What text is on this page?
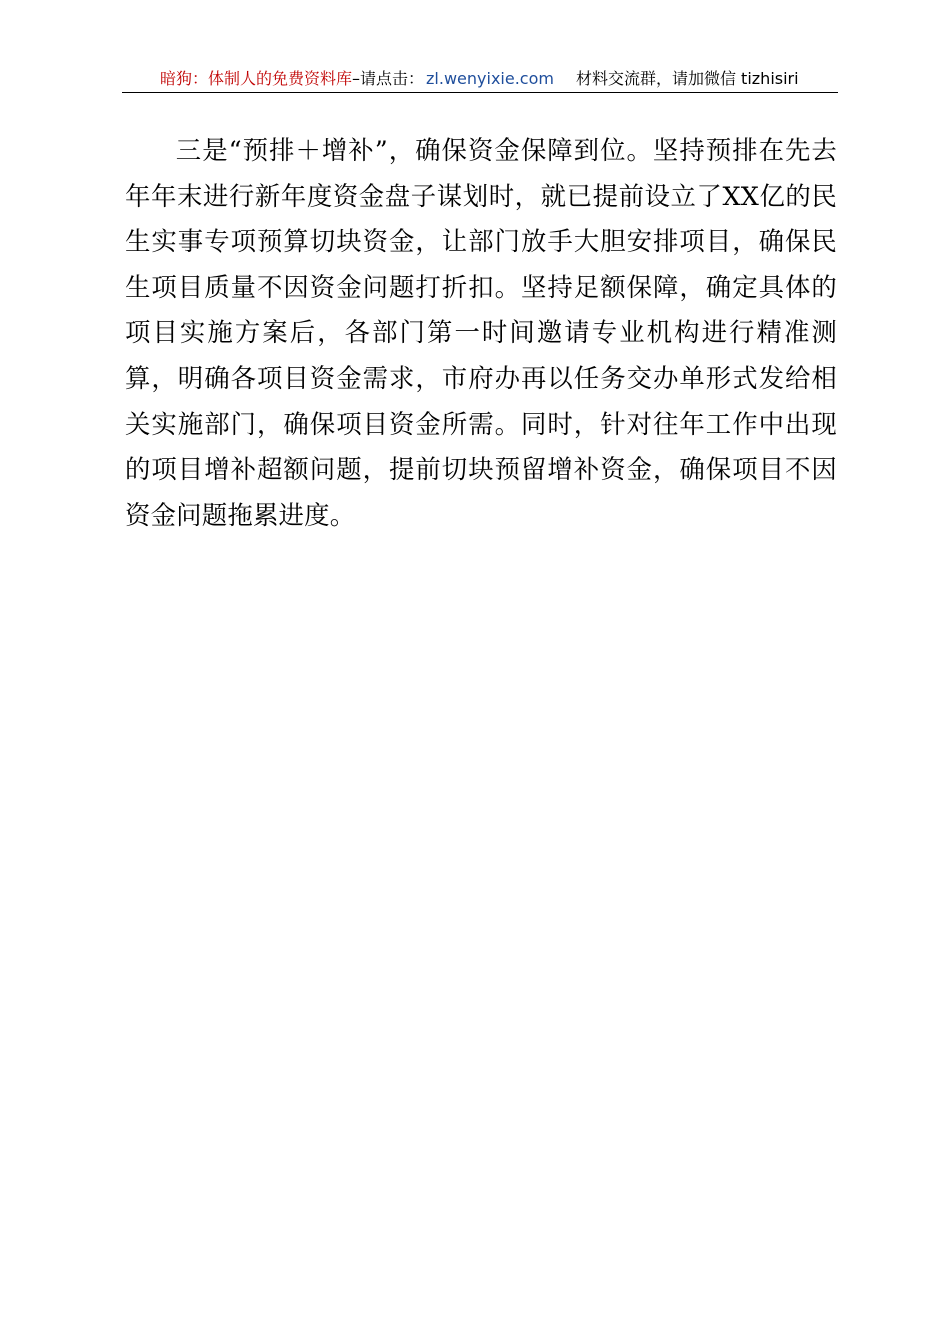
暗狗：体制人的免费资料库–请点击： zl.wenyixie.com 材料交流群，请加微信 tizhisiri

三是“预排＋增补”，确保资金保障到位。坚持预排在先去年年末进行新年度资金盘子谋划时，就已提前设立了XX亿的民生实事专项预算切块资金，让部门放手大胆安排项目，确保民生项目质量不因资金问题打折扣。坚持足额保障，确定具体的项目实施方案后，各部门第一时间邀请专业机构进行精准测算，明确各项目资金需求，市府办再以任务交办单形式发给相关实施部门，确保项目资金所需。同时，针对往年工作中出现的项目增补超额问题，提前切块预留增补资金，确保项目不因资金问题拖累进度。
